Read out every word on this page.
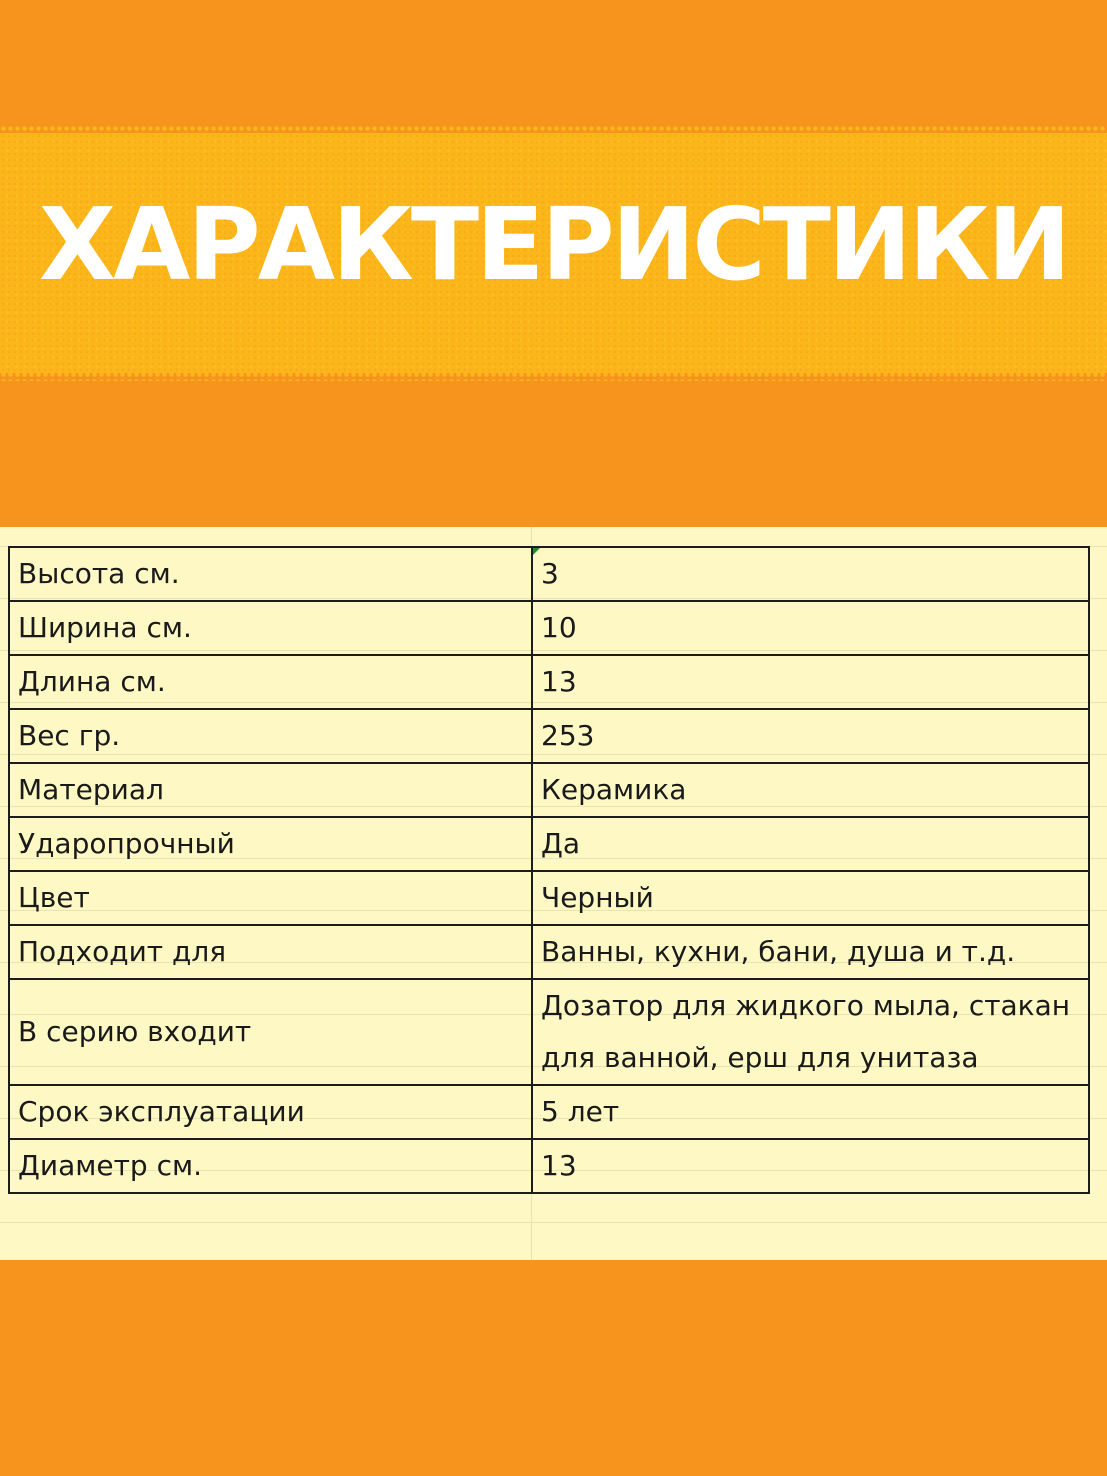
ХАРАКТЕРИСТИКИ
Высота см.	3
Ширина см.	10
Длина см.	13
Вес гр.	253
Материал	Керамика
Ударопрочный	Да
Цвет	Черный
Подходит для	Ванны, кухни, бани, душа и т.д.
В серию входит	Дозатор для жидкого мыла, стакан для ванной, ерш для унитаза
Срок эксплуатации	5 лет
Диаметр см.	13
